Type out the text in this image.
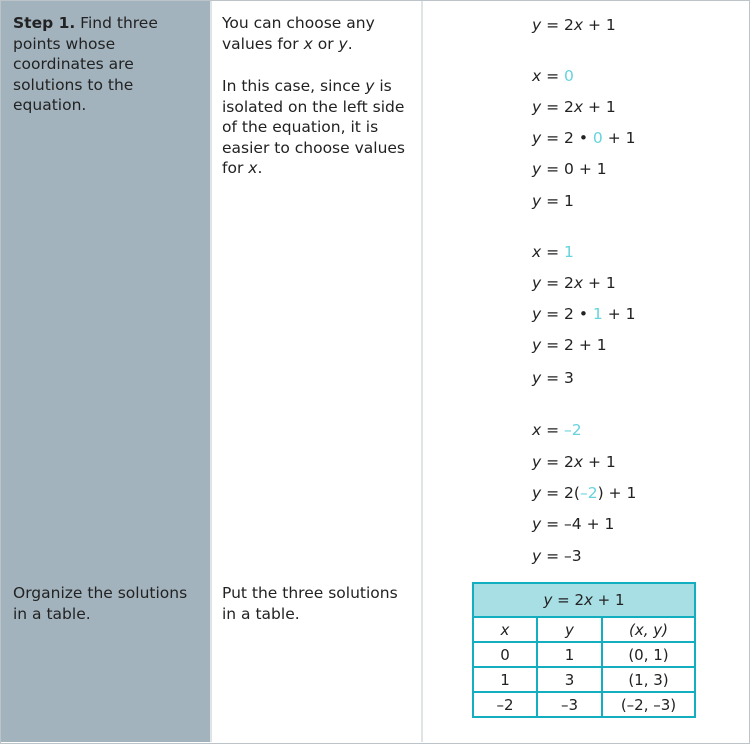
Step 1. Find three points whose coordinates are solutions to the equation.
Organize the solutions in a table.
You can choose any values for x or y.
In this case, since y is isolated on the left side of the equation, it is easier to choose values for x.
Put the three solutions in a table.
y = 2x + 1
x = 0
y = 2x + 1
y = 2 • 0 + 1
y = 0 + 1
y = 1
x = 1
y = 2x + 1
y = 2 • 1 + 1
y = 2 + 1
y = 3
x = –2
y = 2x + 1
y = 2(–2) + 1
y = –4 + 1
y = –3
y = 2x + 1		
x	y	(x, y)
0	1	(0, 1)
1	3	(1, 3)
–2	–3	(–2, –3)
